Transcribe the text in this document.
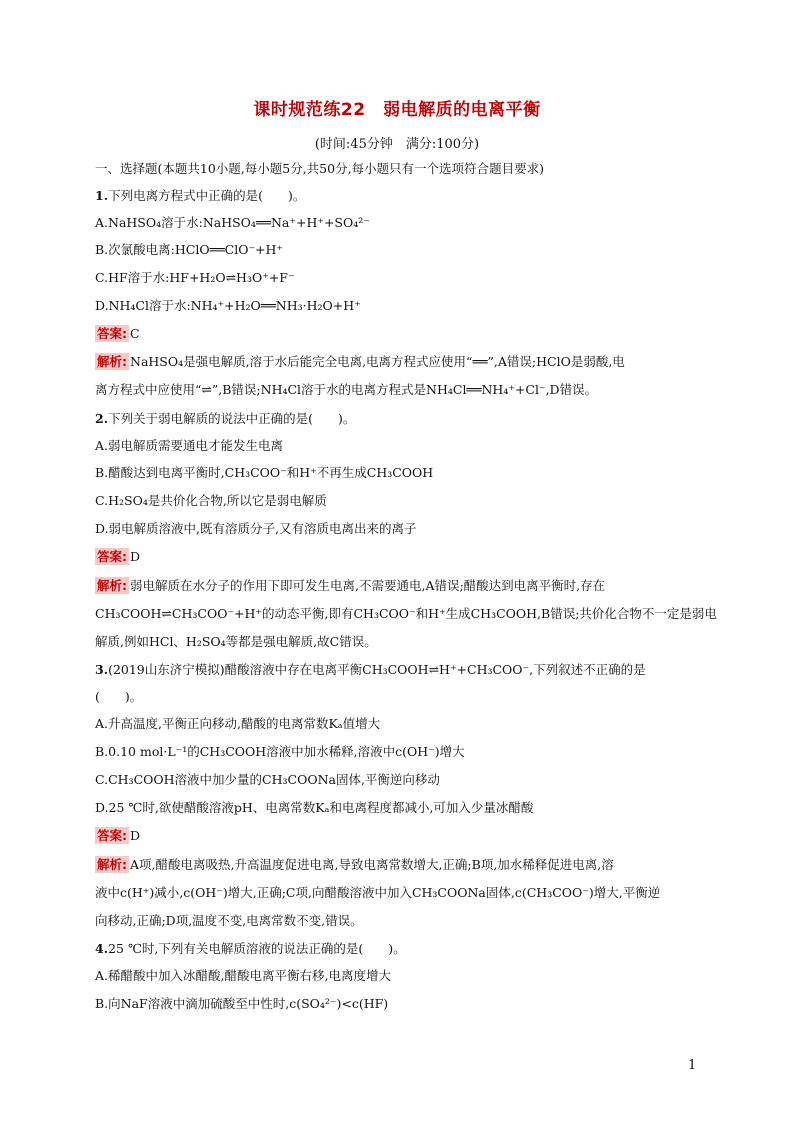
课时规范练22　弱电解质的电离平衡
(时间:45分钟　满分:100分)
一、选择题(本题共10小题,每小题5分,共50分,每小题只有一个选项符合题目要求)
1.下列电离方程式中正确的是(　　)。
A.NaHSO₄溶于水:NaHSO₄══Na⁺+H⁺+SO₄²⁻
B.次氯酸电离:HClO══ClO⁻+H⁺
C.HF溶于水:HF+H₂O⇌H₃O⁺+F⁻
D.NH₄Cl溶于水:NH₄⁺+H₂O══NH₃·H₂O+H⁺
答案: C
解析: NaHSO₄是强电解质,溶于水后能完全电离,电离方程式应使用“══”,A错误;HClO是弱酸,电
离方程式中应使用“⇌”,B错误;NH₄Cl溶于水的电离方程式是NH₄Cl══NH₄⁺+Cl⁻,D错误。
2.下列关于弱电解质的说法中正确的是(　　)。
A.弱电解质需要通电才能发生电离
B.醋酸达到电离平衡时,CH₃COO⁻和H⁺不再生成CH₃COOH
C.H₂SO₄是共价化合物,所以它是弱电解质
D.弱电解质溶液中,既有溶质分子,又有溶质电离出来的离子
答案: D
解析: 弱电解质在水分子的作用下即可发生电离,不需要通电,A错误;醋酸达到电离平衡时,存在
CH₃COOH⇌CH₃COO⁻+H⁺的动态平衡,即有CH₃COO⁻和H⁺生成CH₃COOH,B错误;共价化合物不一定是弱电
解质,例如HCl、H₂SO₄等都是强电解质,故C错误。
3.(2019山东济宁模拟)醋酸溶液中存在电离平衡CH₃COOH⇌H⁺+CH₃COO⁻,下列叙述不正确的是
(　　)。
A.升高温度,平衡正向移动,醋酸的电离常数Kₐ值增大
B.0.10 mol·L⁻¹的CH₃COOH溶液中加水稀释,溶液中c(OH⁻)增大
C.CH₃COOH溶液中加少量的CH₃COONa固体,平衡逆向移动
D.25 ℃时,欲使醋酸溶液pH、电离常数Kₐ和电离程度都减小,可加入少量冰醋酸
答案: D
解析: A项,醋酸电离吸热,升高温度促进电离,导致电离常数增大,正确;B项,加水稀释促进电离,溶
液中c(H⁺)减小,c(OH⁻)增大,正确;C项,向醋酸溶液中加入CH₃COONa固体,c(CH₃COO⁻)增大,平衡逆
向移动,正确;D项,温度不变,电离常数不变,错误。
4.25 ℃时,下列有关电解质溶液的说法正确的是(　　)。
A.稀醋酸中加入冰醋酸,醋酸电离平衡右移,电离度增大
B.向NaF溶液中滴加硫酸至中性时,c(SO₄²⁻)<c(HF)
1
